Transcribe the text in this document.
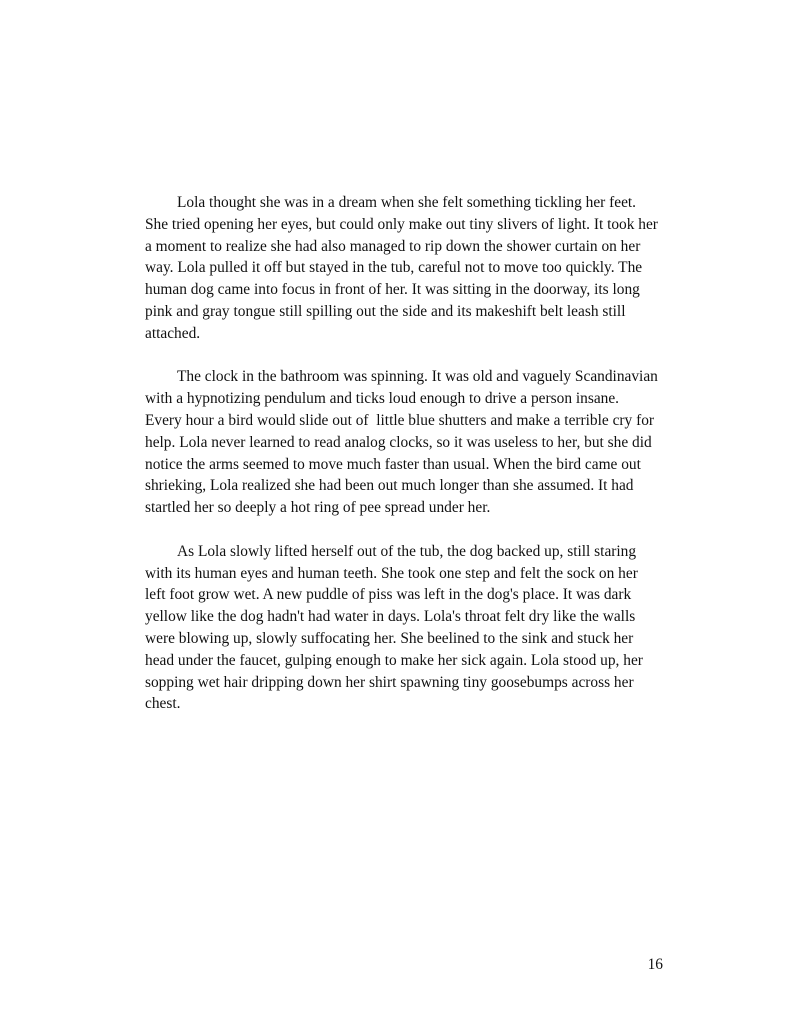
Lola thought she was in a dream when she felt something tickling her feet.
She tried opening her eyes, but could only make out tiny slivers of light. It took her
a moment to realize she had also managed to rip down the shower curtain on her
way. Lola pulled it off but stayed in the tub, careful not to move too quickly. The
human dog came into focus in front of her. It was sitting in the doorway, its long
pink and gray tongue still spilling out the side and its makeshift belt leash still
attached.
The clock in the bathroom was spinning. It was old and vaguely Scandinavian
with a hypnotizing pendulum and ticks loud enough to drive a person insane.
Every hour a bird would slide out of  little blue shutters and make a terrible cry for
help. Lola never learned to read analog clocks, so it was useless to her, but she did
notice the arms seemed to move much faster than usual. When the bird came out
shrieking, Lola realized she had been out much longer than she assumed. It had
startled her so deeply a hot ring of pee spread under her.
As Lola slowly lifted herself out of the tub, the dog backed up, still staring
with its human eyes and human teeth. She took one step and felt the sock on her
left foot grow wet. A new puddle of piss was left in the dog's place. It was dark
yellow like the dog hadn't had water in days. Lola's throat felt dry like the walls
were blowing up, slowly suffocating her. She beelined to the sink and stuck her
head under the faucet, gulping enough to make her sick again. Lola stood up, her
sopping wet hair dripping down her shirt spawning tiny goosebumps across her
chest.
16
